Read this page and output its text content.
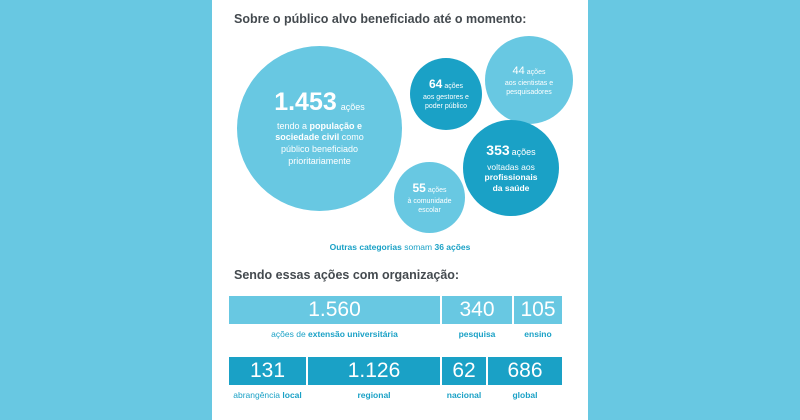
Sobre o público alvo beneficiado até o momento:
1.453 ações
tendo a população e
sociedade civil como
público beneficiado
prioritariamente
64 ações
aos gestores e
poder público
44 ações
aos cientistas e
pesquisadores
353 ações
voltadas aos
profissionais
da saúde
55 ações
à comunidade
escolar
Outras categorias somam 36 ações
Sendo essas ações com organização:
1.560	340	105
ações de extensão universitária	pesquisa	ensino
131	1.126	62	686
abrangência local	regional	nacional	global
